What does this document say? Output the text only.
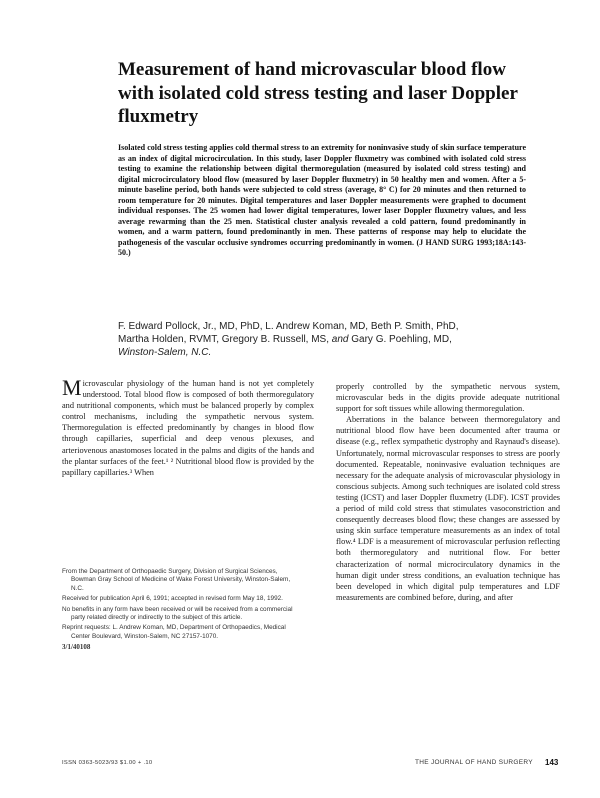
Measurement of hand microvascular blood flow with isolated cold stress testing and laser Doppler fluxmetry

Isolated cold stress testing applies cold thermal stress to an extremity for noninvasive study of skin surface temperature as an index of digital microcirculation. In this study, laser Doppler fluxmetry was combined with isolated cold stress testing to examine the relationship between digital thermoregulation (measured by isolated cold stress testing) and digital microcirculatory blood flow (measured by laser Doppler fluxmetry) in 50 healthy men and women. After a 5-minute baseline period, both hands were subjected to cold stress (average, 8° C) for 20 minutes and then returned to room temperature for 20 minutes. Digital temperatures and laser Doppler measurements were graphed to document individual responses. The 25 women had lower digital temperatures, lower laser Doppler fluxmetry values, and less average rewarming than the 25 men. Statistical cluster analysis revealed a cold pattern, found predominantly in women, and a warm pattern, found predominantly in men. These patterns of response may help to elucidate the pathogenesis of the vascular occlusive syndromes occurring predominantly in women. (J HAND SURG 1993;18A:143-50.)

F. Edward Pollock, Jr., MD, PhD, L. Andrew Koman, MD, Beth P. Smith, PhD,
Martha Holden, RVMT, Gregory B. Russell, MS, and Gary G. Poehling, MD,
Winston-Salem, N.C.

Microvascular physiology of the human hand is not yet completely understood. Total blood flow is composed of both thermoregulatory and nutritional components, which must be balanced properly by complex control mechanisms, including the sympathetic nervous system. Thermoregulation is effected predominantly by changes in blood flow through capillaries, superficial and deep venous plexuses, and arteriovenous anastomoses located in the palms and digits of the hands and the plantar surfaces of the feet.¹ ² Nutritional blood flow is provided by the papillary capillaries.³ When

properly controlled by the sympathetic nervous system, microvascular beds in the digits provide adequate nutritional support for soft tissues while allowing thermoregulation.

Aberrations in the balance between thermoregulatory and nutritional blood flow have been documented after trauma or disease (e.g., reflex sympathetic dystrophy and Raynaud's disease). Unfortunately, normal microvascular responses to stress are poorly documented. Repeatable, noninvasive evaluation techniques are necessary for the adequate analysis of microvascular physiology in conscious subjects. Among such techniques are isolated cold stress testing (ICST) and laser Doppler fluxmetry (LDF). ICST provides a period of mild cold stress that stimulates vasoconstriction and consequently decreases blood flow; these changes are assessed by using skin surface temperature measurements as an index of total flow.⁴ LDF is a measurement of microvascular perfusion reflecting both thermoregulatory and nutritional flow. For better characterization of normal microcirculatory dynamics in the human digit under stress conditions, an evaluation technique has been developed in which digital pulp temperatures and LDF measurements are combined before, during, and after

From the Department of Orthopaedic Surgery, Division of Surgical Sciences, Bowman Gray School of Medicine of Wake Forest University, Winston-Salem, N.C.

Received for publication April 6, 1991; accepted in revised form May 18, 1992.

No benefits in any form have been received or will be received from a commercial party related directly or indirectly to the subject of this article.

Reprint requests: L. Andrew Koman, MD, Department of Orthopaedics, Medical Center Boulevard, Winston-Salem, NC 27157-1070.

3/1/40108

ISSN 0363-5023/93 $1.00 + .10	THE JOURNAL OF HAND SURGERY 143
